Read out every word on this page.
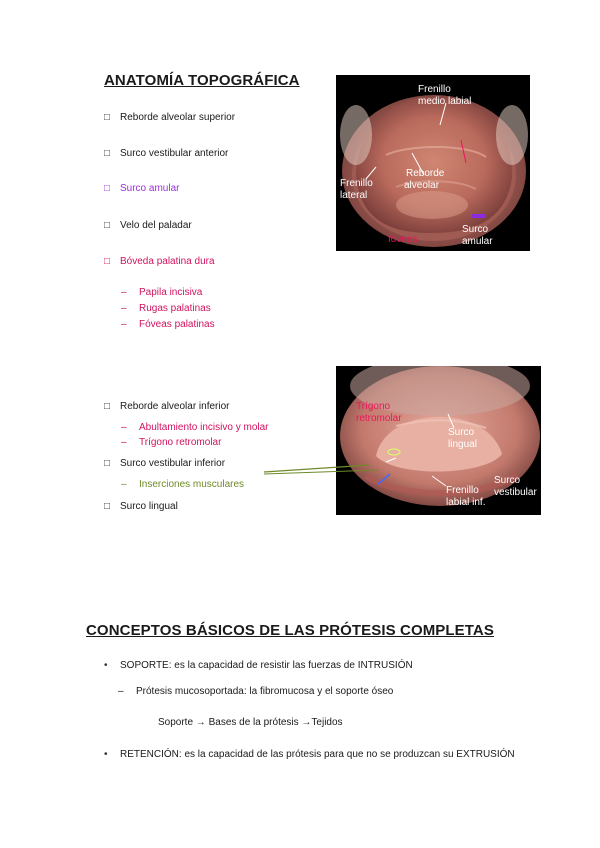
ANATOMÍA TOPOGRÁFICA
□ Reborde alveolar superior
□ Surco vestibular anterior
□ Surco amular
□ Velo del paladar
□ Bóveda palatina dura
– Papila incisiva
– Rugas palatinas
– Fóveas palatinas
Frenillo
medio labial
Frenillo
lateral
Reborde
alveolar
fóveas
Surco
amular
□ Reborde alveolar inferior
– Abultamiento incisivo y molar
– Trígono retromolar
□ Surco vestibular inferior
– Inserciones musculares
□ Surco lingual
Trígono
retromolar
Surco
lingual
Frenillo
labial inf.
Surco
vestibular
CONCEPTOS BÁSICOS DE LAS PRÓTESIS COMPLETAS
• SOPORTE: es la capacidad de resistir las fuerzas de INTRUSIÓN
– Prótesis mucosoportada: la fibromucosa y el soporte óseo
Soporte → Bases de la prótesis →Tejidos
• RETENCIÓN: es la capacidad de las prótesis para que no se produzcan su EXTRUSIÓN
